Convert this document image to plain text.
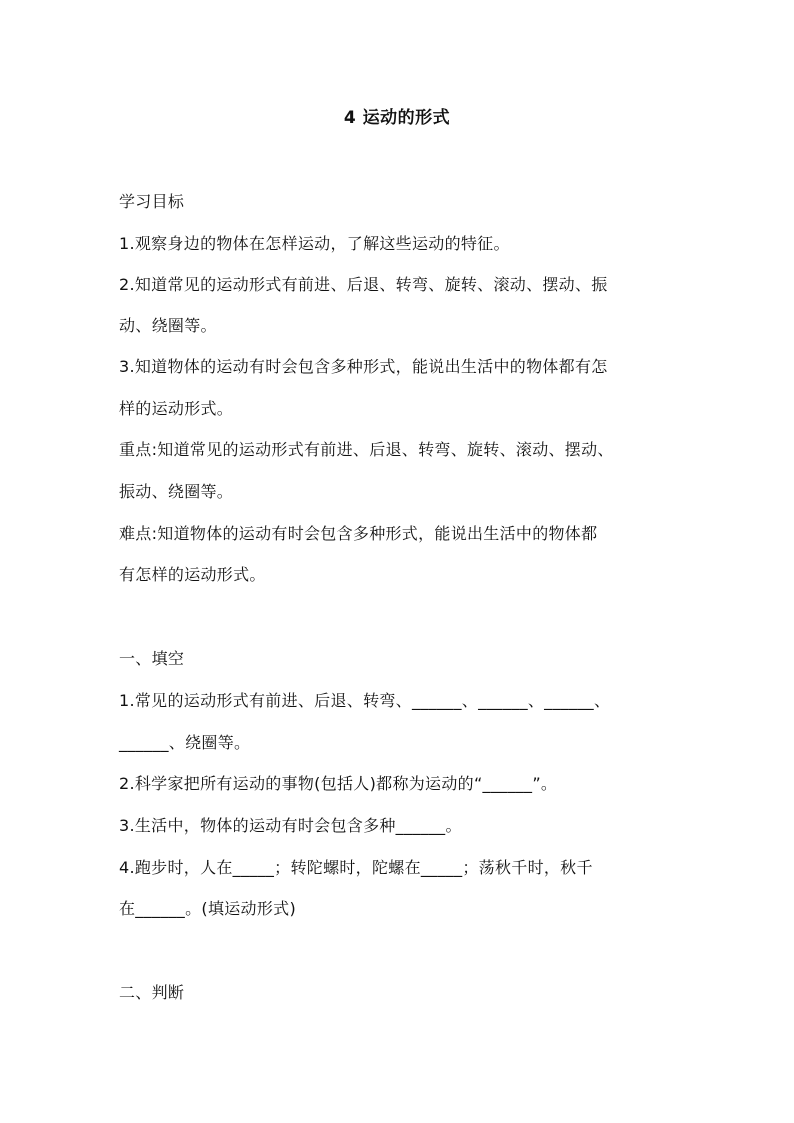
4 运动的形式
学习目标
1.观察身边的物体在怎样运动，了解这些运动的特征。
2.知道常见的运动形式有前进、后退、转弯、旋转、滚动、摆动、振
动、绕圈等。
3.知道物体的运动有时会包含多种形式，能说出生活中的物体都有怎
样的运动形式。
重点:知道常见的运动形式有前进、后退、转弯、旋转、滚动、摆动、
振动、绕圈等。
难点:知道物体的运动有时会包含多种形式，能说出生活中的物体都
有怎样的运动形式。
一、填空
1.常见的运动形式有前进、后退、转弯、______、______、______、
______、绕圈等。
2.科学家把所有运动的事物(包括人)都称为运动的“______”。
3.生活中，物体的运动有时会包含多种______。
4.跑步时，人在_____；转陀螺时，陀螺在_____；荡秋千时，秋千
在______。(填运动形式)
二、判断
